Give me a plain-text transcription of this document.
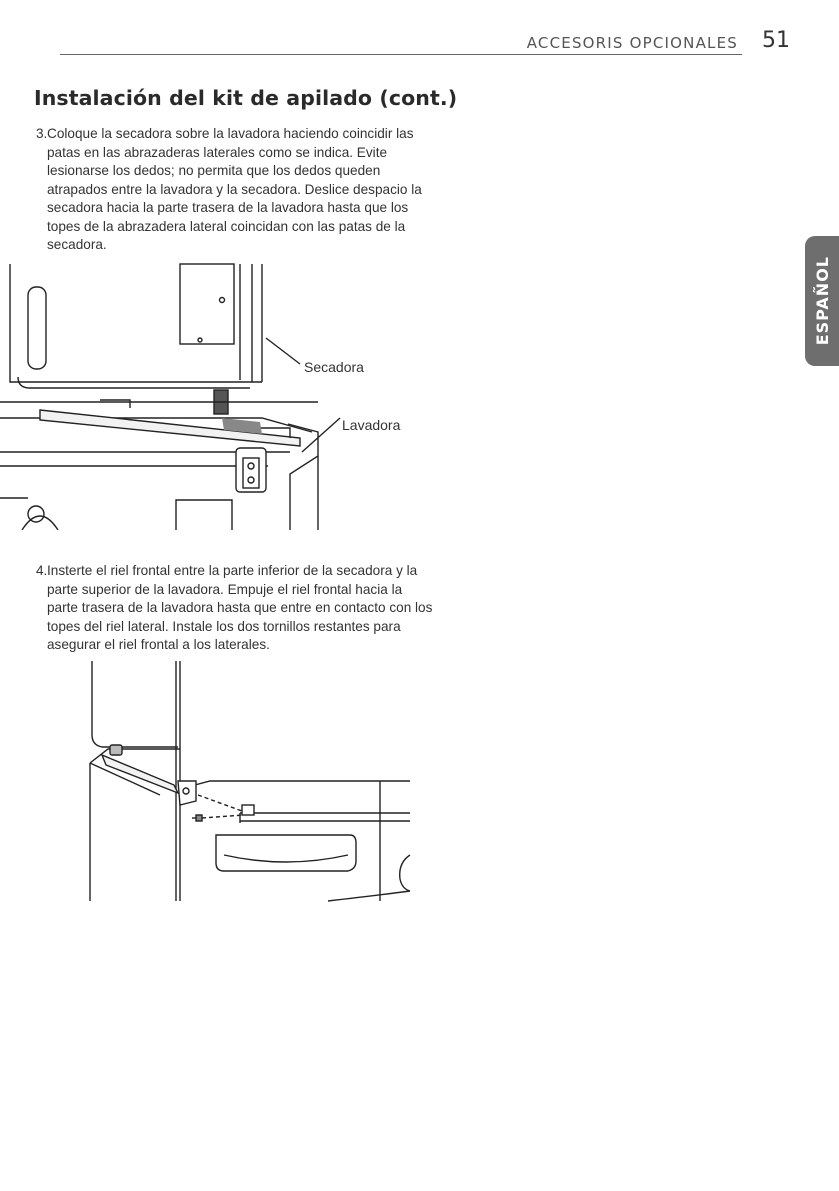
ACCESORIS OPCIONALES 51
Instalación del kit de apilado (cont.)
ESPAÑOL
3. Coloque la secadora sobre la lavadora haciendo coincidir las patas en las abrazaderas laterales como se indica. Evite lesionarse los dedos; no permita que los dedos queden atrapados entre la lavadora y la secadora. Deslice despacio la secadora hacia la parte trasera de la lavadora hasta que los topes de la abrazadera lateral coincidan con las patas de la secadora.
Secadora
Lavadora
4. Insterte el riel frontal entre la parte inferior de la secadora y la parte superior de la lavadora. Empuje el riel frontal hacia la parte trasera de la lavadora hasta que entre en contacto con los topes del riel lateral. Instale los dos tornillos restantes para asegurar el riel frontal a los laterales.
